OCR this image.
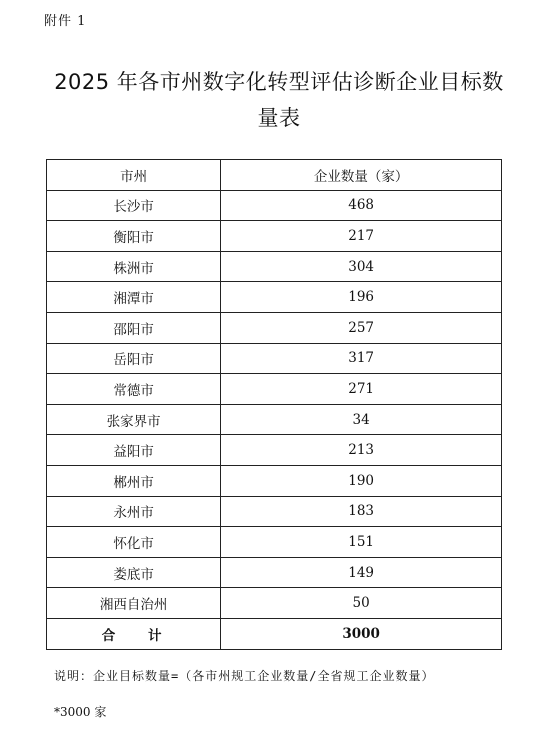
附件 1
2025 年各市州数字化转型评估诊断企业目标数
量表
市州	企业数量（家）
长沙市	468
衡阳市	217
株洲市	304
湘潭市	196
邵阳市	257
岳阳市	317
常德市	271
张家界市	34
益阳市	213
郴州市	190
永州市	183
怀化市	151
娄底市	149
湘西自治州	50
合 计	3000
说明：企业目标数量=（各市州规工企业数量/全省规工企业数量）
*3000 家
